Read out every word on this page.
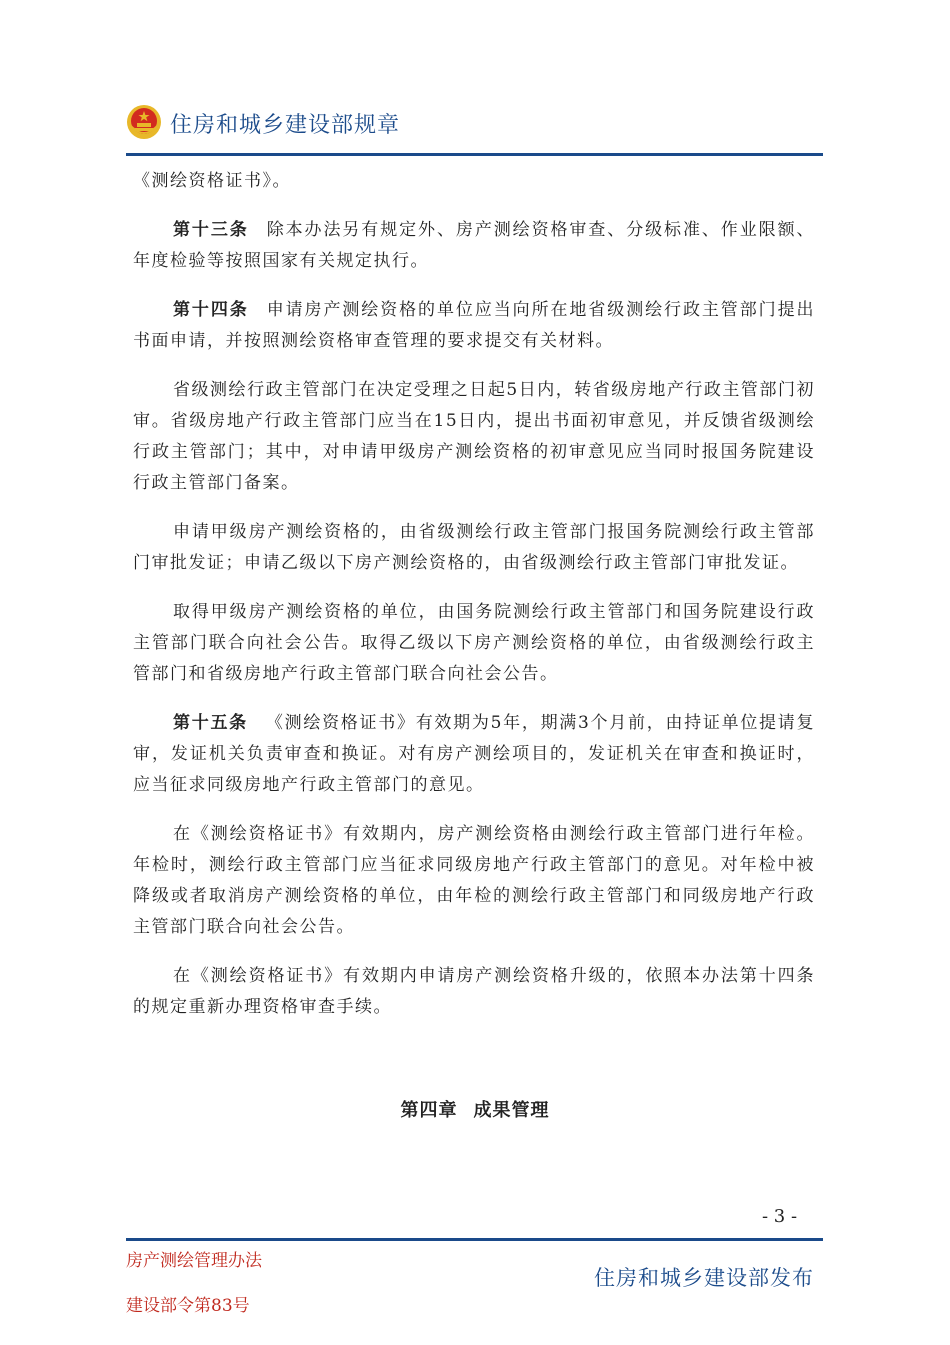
住房和城乡建设部规章

《测绘资格证书》。

第十三条 除本办法另有规定外、房产测绘资格审查、分级标准、作业限额、年度检验等按照国家有关规定执行。

第十四条 申请房产测绘资格的单位应当向所在地省级测绘行政主管部门提出书面申请，并按照测绘资格审查管理的要求提交有关材料。

省级测绘行政主管部门在决定受理之日起5日内，转省级房地产行政主管部门初审。省级房地产行政主管部门应当在15日内，提出书面初审意见，并反馈省级测绘行政主管部门；其中，对申请甲级房产测绘资格的初审意见应当同时报国务院建设行政主管部门备案。

申请甲级房产测绘资格的，由省级测绘行政主管部门报国务院测绘行政主管部门审批发证；申请乙级以下房产测绘资格的，由省级测绘行政主管部门审批发证。

取得甲级房产测绘资格的单位，由国务院测绘行政主管部门和国务院建设行政主管部门联合向社会公告。取得乙级以下房产测绘资格的单位，由省级测绘行政主管部门和省级房地产行政主管部门联合向社会公告。

第十五条 《测绘资格证书》有效期为5年，期满3个月前，由持证单位提请复审，发证机关负责审查和换证。对有房产测绘项目的，发证机关在审查和换证时，应当征求同级房地产行政主管部门的意见。

在《测绘资格证书》有效期内，房产测绘资格由测绘行政主管部门进行年检。年检时，测绘行政主管部门应当征求同级房地产行政主管部门的意见。对年检中被降级或者取消房产测绘资格的单位，由年检的测绘行政主管部门和同级房地产行政主管部门联合向社会公告。

在《测绘资格证书》有效期内申请房产测绘资格升级的，依照本办法第十四条的规定重新办理资格审查手续。

第四章 成果管理
- 3 -
房产测绘管理办法
建设部令第83号
住房和城乡建设部发布
